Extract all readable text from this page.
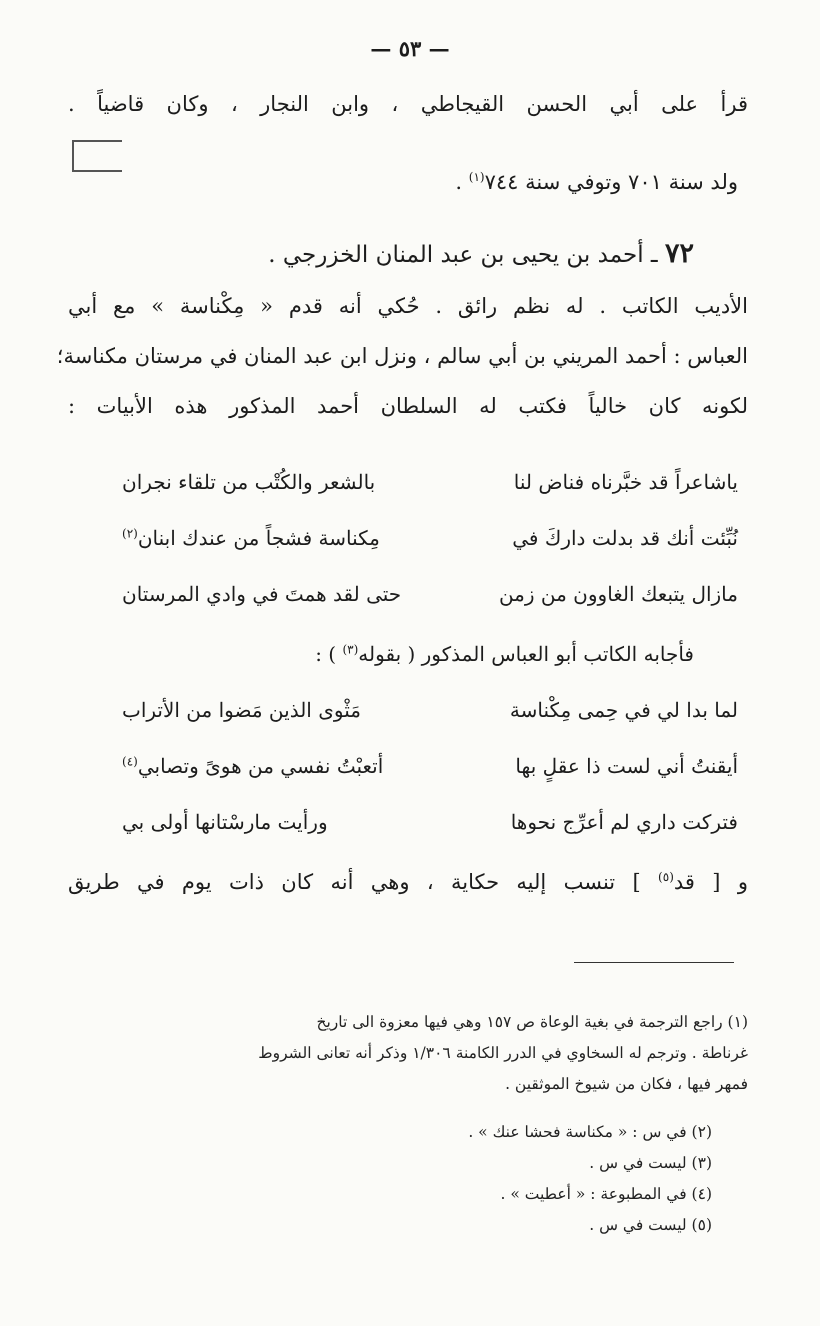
— ٥٣ —
قرأ على أبي الحسن القيجاطي ، وابن النجار ، وكان قاضياً .
ولد سنة ٧٠١ وتوفي سنة ٧٤٤$^{(١)}$ .
٧٢ ـ أحمد بن يحيى بن عبد المنان الخزرجي .
الأديب الكاتب . له نظم رائق . حُكي أنه قدم « مِكْناسة » مع أبي
العباس : أحمد المريني بن أبي سالم ، ونزل ابن عبد المنان في مرستان مكناسة؛
لكونه كان خالياً فكتب له السلطان أحمد المذكور هذه الأبيات :
ياشاعراً قد خبَّرناه فناض لنا
بالشعر والكُتْب من تلقاء نجران
نُبِّئت أنك قد بدلت داركَ في
مِكناسة فشجاً من عندك ابنان$^{(٢)}$
مازال يتبعك الغاوون من زمن
حتى لقد همتَ في وادي المرستان
فأجابه الكاتب أبو العباس المذكور ( بقوله$^{(٣)}$ ) :
لما بدا لي في حِمى مِكْناسة
مَثْوى الذين مَضوا من الأتراب
أيقنتُ أني لست ذا عقلٍ بها
أتعبْتُ نفسي من هوىً وتصابي$^{(٤)}$
فتركت داري لم أعرِّج نحوها
ورأيت مارسْتانها أولى بي
و [ قد$^{(٥)}$ ] تنسب إليه حكاية ، وهي أنه كان ذات يوم في طريق
(١) راجع الترجمة في بغية الوعاة ص ١٥٧ وهي فيها معزوة الى تاريخ
غرناطة . وترجم له السخاوي في الدرر الكامنة ١/٣٠٦ وذكر أنه تعانى الشروط
فمهر فيها ، فكان من شيوخ الموثقين .
(٢) في س : « مكناسة فحشا عنك » .
(٣) ليست في س .
(٤) في المطبوعة : « أعطيت » .
(٥) ليست في س .
